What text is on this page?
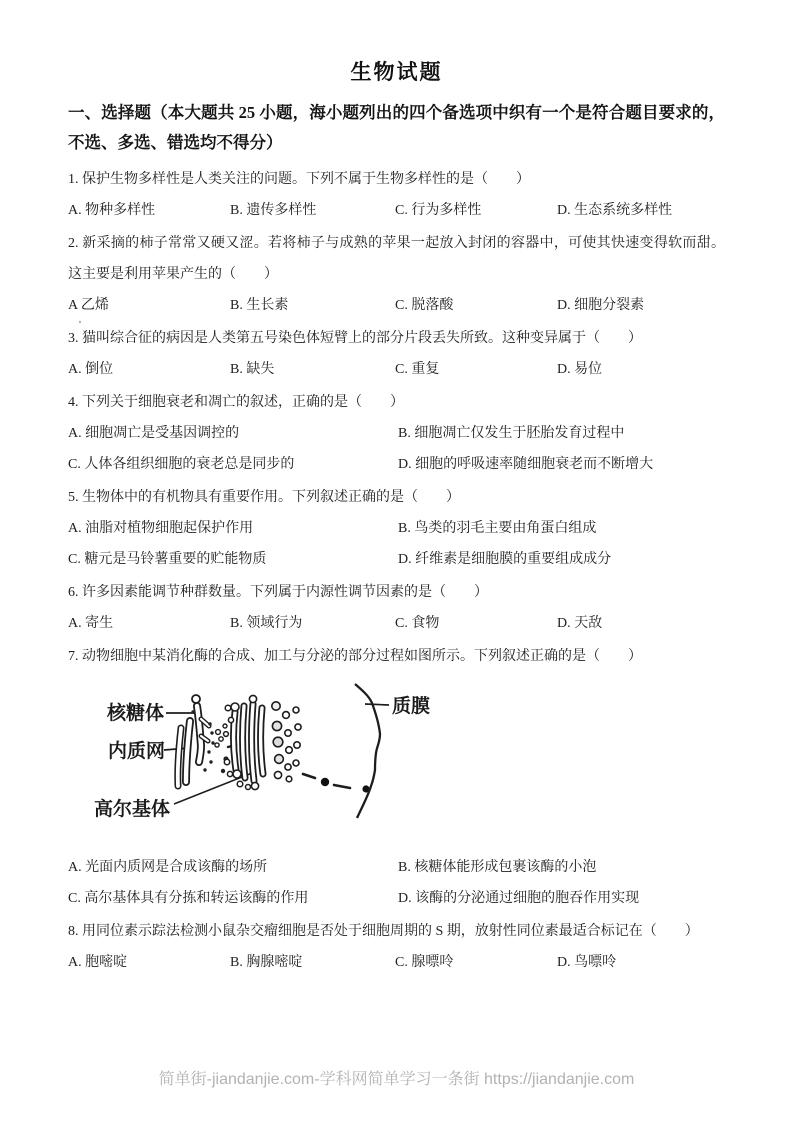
生物试题

一、选择题（本大题共 25 小题，海小题列出的四个备选项中织有一个是符合题目要求的，不选、多选、错选均不得分）

1. 保护生物多样性是人类关注的问题。下列不属于生物多样性的是（　　）
A. 物种多样性	B. 遗传多样性	C. 行为多样性	D. 生态系统多样性
2. 新采摘的柿子常常又硬又涩。若将柿子与成熟的苹果一起放入封闭的容器中，可使其快速变得软而甜。这主要是利用苹果产生的（　　）
A 乙烯	B. 生长素	C. 脱落酸	D. 细胞分裂素
'
3. 猫叫综合征的病因是人类第五号染色体短臂上的部分片段丢失所致。这种变异属于（　　）
A. 倒位	B. 缺失	C. 重复	D. 易位
4. 下列关于细胞衰老和凋亡的叙述，正确的是（　　）
A. 细胞凋亡是受基因调控的	B. 细胞凋亡仅发生于胚胎发育过程中
C. 人体各组织细胞的衰老总是同步的	D. 细胞的呼吸速率随细胞衰老而不断增大
5. 生物体中的有机物具有重要作用。下列叙述正确的是（　　）
A. 油脂对植物细胞起保护作用	B. 鸟类的羽毛主要由角蛋白组成
C. 糖元是马铃薯重要的贮能物质	D. 纤维素是细胞膜的重要组成成分
6. 许多因素能调节种群数量。下列属于内源性调节因素的是（　　）
A. 寄生	B. 领域行为	C. 食物	D. 天敌
7. 动物细胞中某消化酶的合成、加工与分泌的部分过程如图所示。下列叙述正确的是（　　）
核糖体
内质网
高尔基体
质膜
A. 光面内质网是合成该酶的场所	B. 核糖体能形成包裹该酶的小泡
C. 高尔基体具有分拣和转运该酶的作用	D. 该酶的分泌通过细胞的胞吞作用实现
8. 用同位素示踪法检测小鼠杂交瘤细胞是否处于细胞周期的 S 期，放射性同位素最适合标记在（　　）
A. 胞嘧啶	B. 胸腺嘧啶	C. 腺嘌呤	D. 鸟嘌呤
简单街-jiandanjie.com-学科网简单学习一条街 https://jiandanjie.com
